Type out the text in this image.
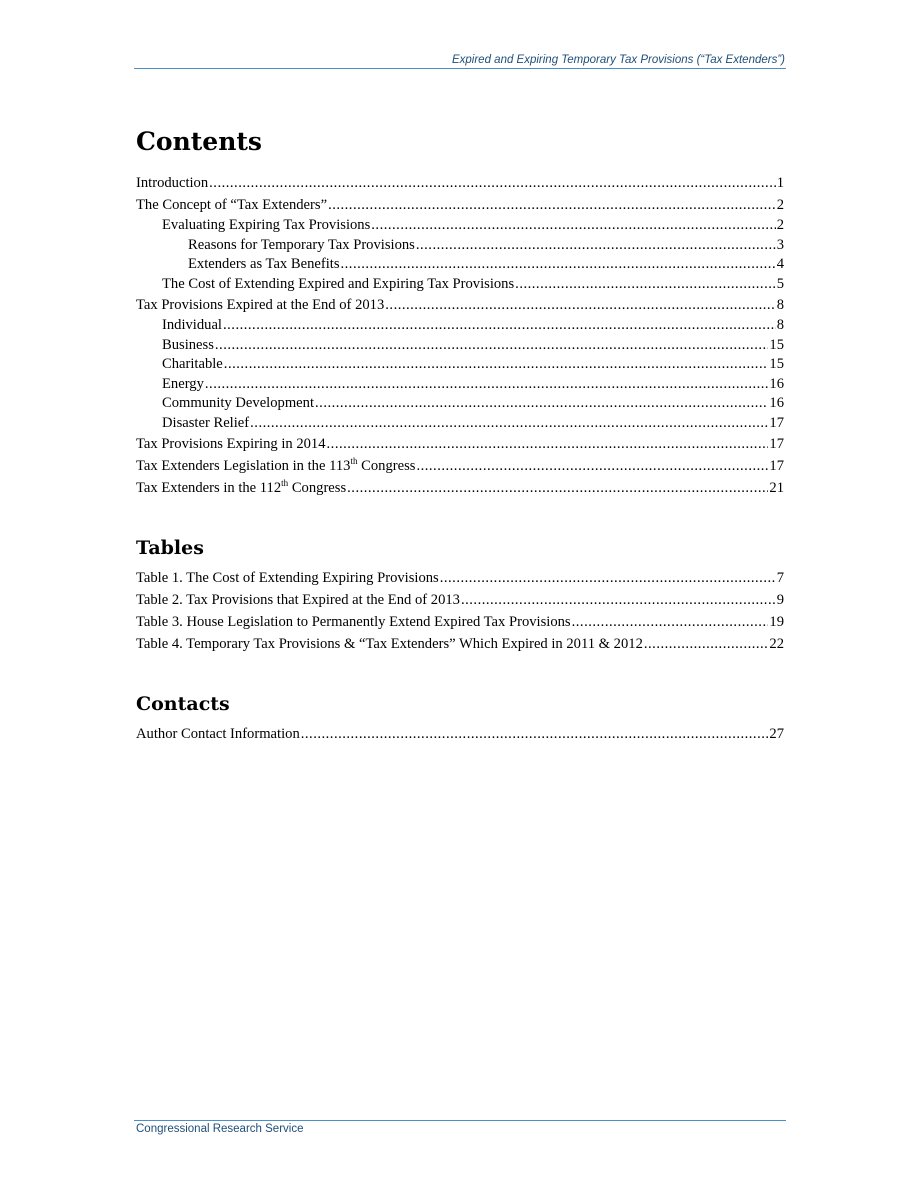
Expired and Expiring Temporary Tax Provisions (“Tax Extenders”)
Contents
Introduction .....	1
The Concept of “Tax Extenders” .....	2
Evaluating Expiring Tax Provisions .....	2
Reasons for Temporary Tax Provisions .....	3
Extenders as Tax Benefits .....	4
The Cost of Extending Expired and Expiring Tax Provisions .....	5
Tax Provisions Expired at the End of 2013 .....	8
Individual .....	8
Business .....	15
Charitable .....	15
Energy .....	16
Community Development .....	16
Disaster Relief .....	17
Tax Provisions Expiring in 2014 .....	17
Tax Extenders Legislation in the 113th Congress .....	17
Tax Extenders in the 112th Congress .....	21
Tables
Table 1. The Cost of Extending Expiring Provisions .....	7
Table 2. Tax Provisions that Expired at the End of 2013 .....	9
Table 3. House Legislation to Permanently Extend Expired Tax Provisions .....	19
Table 4. Temporary Tax Provisions & “Tax Extenders” Which Expired in 2011 & 2012 .....	22
Contacts
Author Contact Information .....	27
Congressional Research Service
